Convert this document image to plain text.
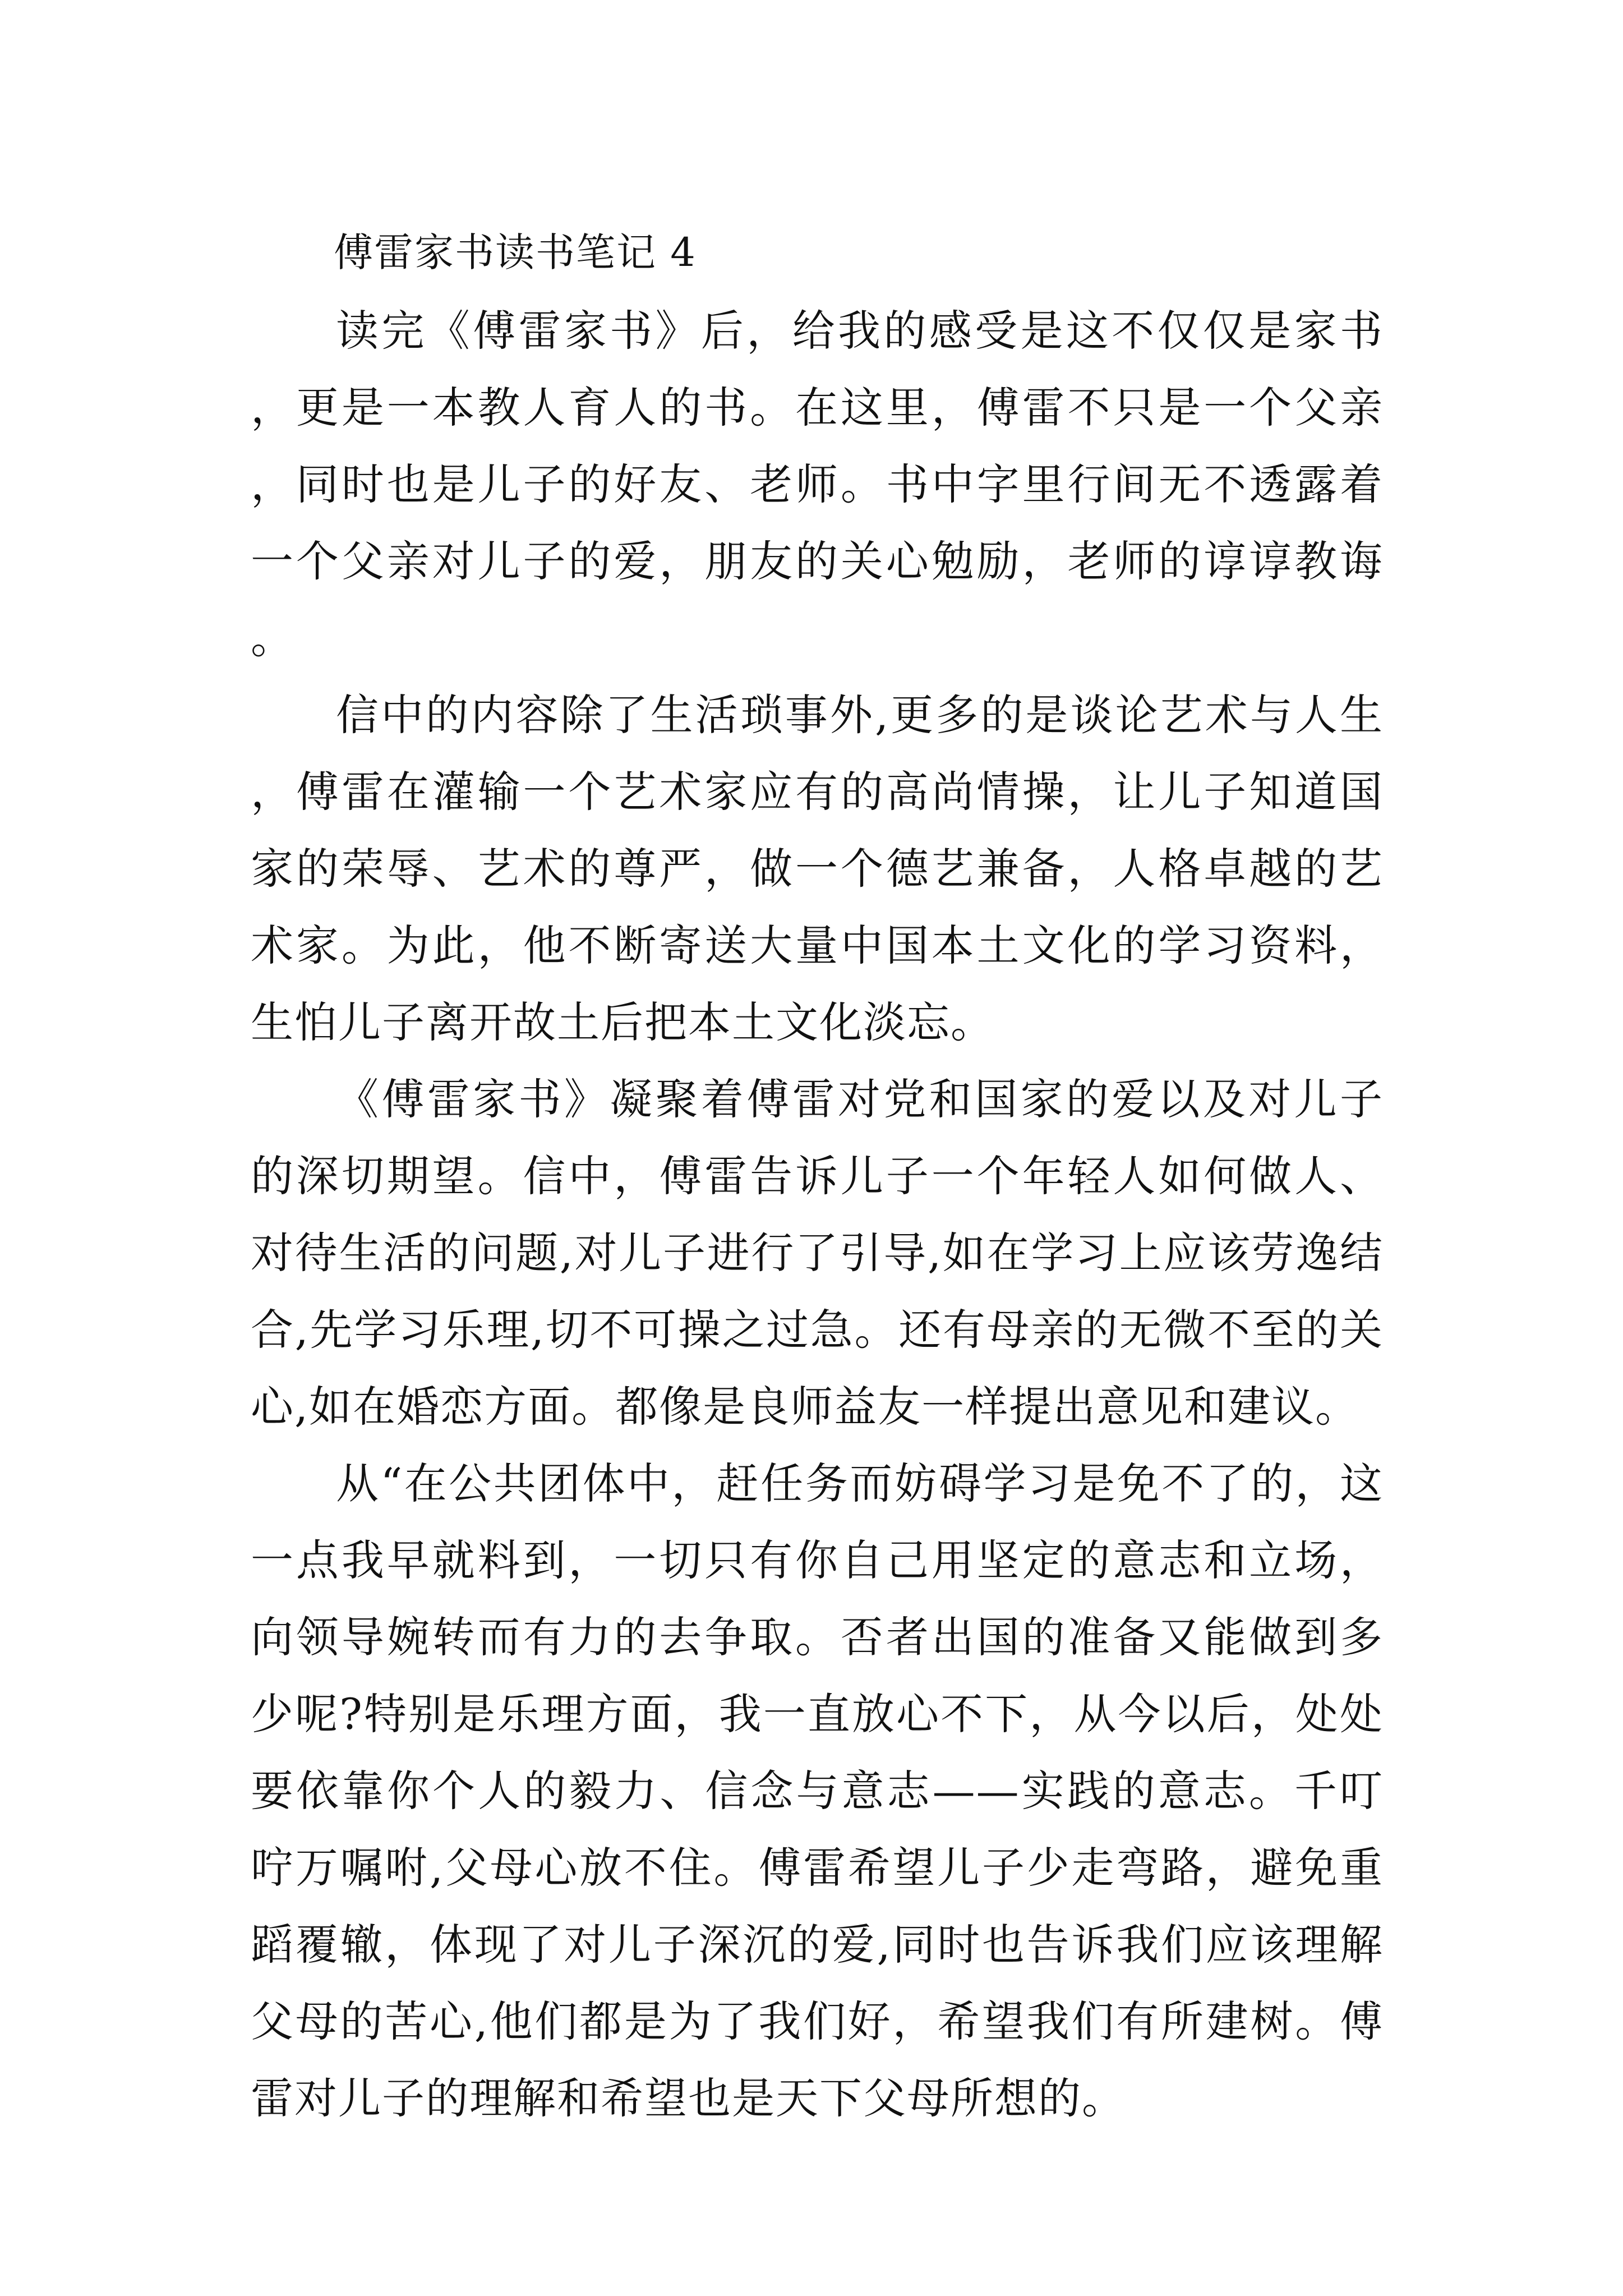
傅雷家书读书笔记 4

读完《傅雷家书》后，给我的感受是这不仅仅是家书，更是一本教人育人的书。在这里，傅雷不只是一个父亲，同时也是儿子的好友、老师。书中字里行间无不透露着一个父亲对儿子的爱，朋友的关心勉励，老师的谆谆教诲。

信中的内容除了生活琐事外,更多的是谈论艺术与人生，傅雷在灌输一个艺术家应有的高尚情操，让儿子知道国家的荣辱、艺术的尊严，做一个德艺兼备，人格卓越的艺术家。为此，他不断寄送大量中国本土文化的学习资料，生怕儿子离开故土后把本土文化淡忘。

《傅雷家书》凝聚着傅雷对党和国家的爱以及对儿子的深切期望。信中，傅雷告诉儿子一个年轻人如何做人、对待生活的问题,对儿子进行了引导,如在学习上应该劳逸结合,先学习乐理,切不可操之过急。还有母亲的无微不至的关心,如在婚恋方面。都像是良师益友一样提出意见和建议。

从“在公共团体中，赶任务而妨碍学习是免不了的，这一点我早就料到，一切只有你自己用坚定的意志和立场，向领导婉转而有力的去争取。否者出国的准备又能做到多少呢?特别是乐理方面，我一直放心不下，从今以后，处处要依靠你个人的毅力、信念与意志——实践的意志。千叮咛万嘱咐,父母心放不住。傅雷希望儿子少走弯路，避免重蹈覆辙，体现了对儿子深沉的爱,同时也告诉我们应该理解父母的苦心,他们都是为了我们好，希望我们有所建树。傅雷对儿子的理解和希望也是天下父母所想的。
